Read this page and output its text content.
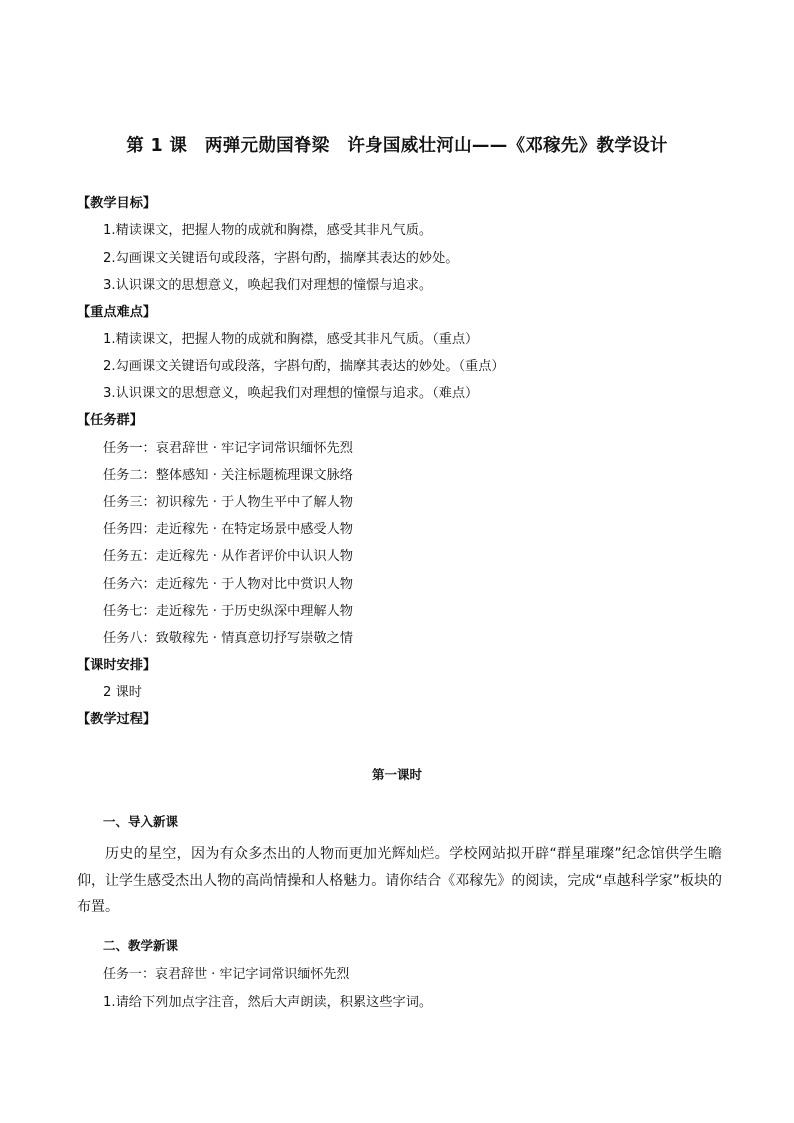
第 1 课　两弹元勋国脊梁　许身国威壮河山——《邓稼先》教学设计
【教学目标】
1.精读课文，把握人物的成就和胸襟，感受其非凡气质。
2.勾画课文关键语句或段落，字斟句酌，揣摩其表达的妙处。
3.认识课文的思想意义，唤起我们对理想的憧憬与追求。
【重点难点】
1.精读课文，把握人物的成就和胸襟，感受其非凡气质。（重点）
2.勾画课文关键语句或段落，字斟句酌，揣摩其表达的妙处。（重点）
3.认识课文的思想意义，唤起我们对理想的憧憬与追求。（难点）
【任务群】
任务一：哀君辞世 · 牢记字词常识缅怀先烈
任务二：整体感知 · 关注标题梳理课文脉络
任务三：初识稼先 · 于人物生平中了解人物
任务四：走近稼先 · 在特定场景中感受人物
任务五：走近稼先 · 从作者评价中认识人物
任务六：走近稼先 · 于人物对比中赏识人物
任务七：走近稼先 · 于历史纵深中理解人物
任务八：致敬稼先 · 情真意切抒写崇敬之情
【课时安排】
2 课时
【教学过程】
第一课时
一、导入新课
历史的星空，因为有众多杰出的人物而更加光辉灿烂。学校网站拟开辟“群星璀璨”纪念馆供学生瞻仰，让学生感受杰出人物的高尚情操和人格魅力。请你结合《邓稼先》的阅读，完成“卓越科学家”板块的布置。
二、教学新课
任务一：哀君辞世 · 牢记字词常识缅怀先烈
1.请给下列加点字注音，然后大声朗读，积累这些字词。
